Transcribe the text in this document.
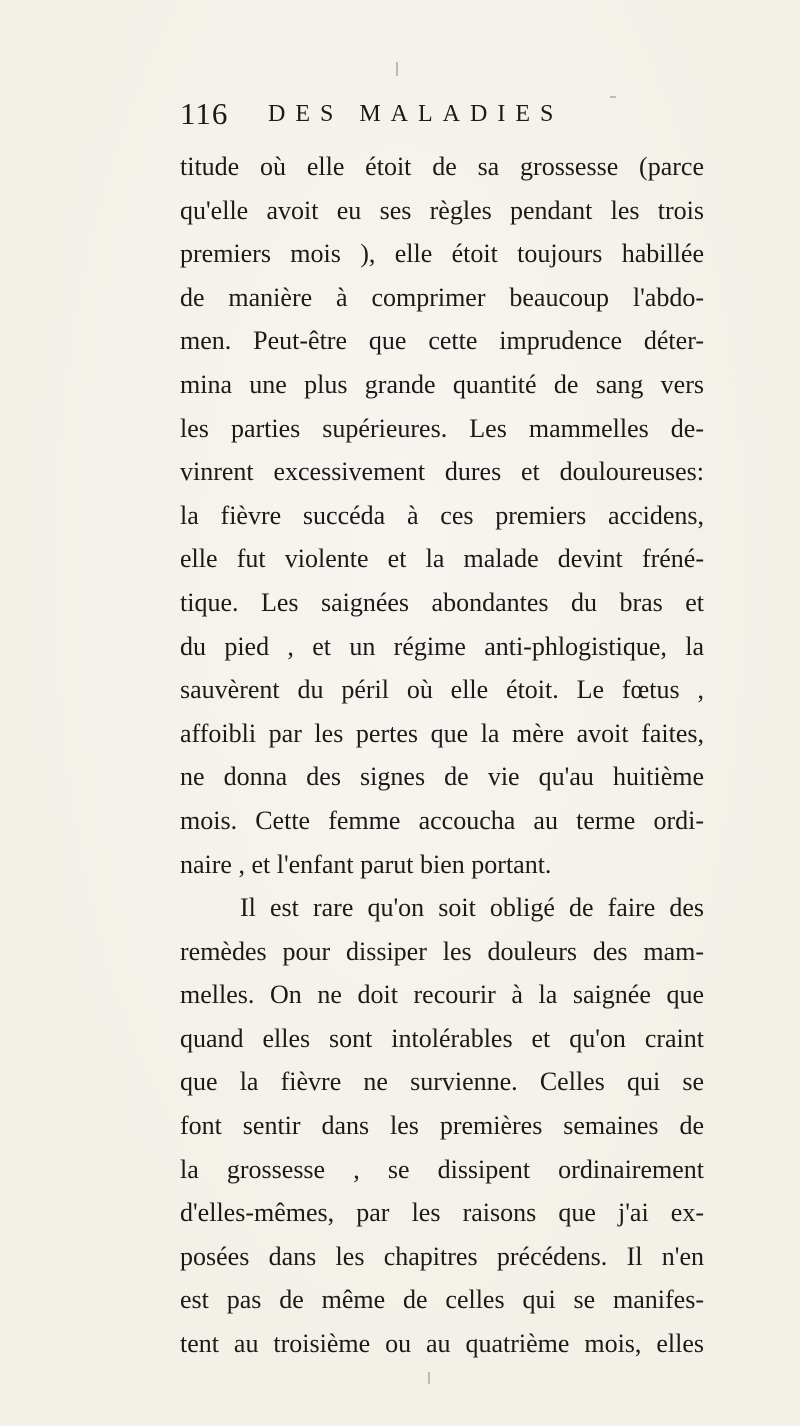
116 DES MALADIES
titude où elle étoit de sa grossesse (parce
qu'elle avoit eu ses règles pendant les trois
premiers mois ), elle étoit toujours habillée
de manière à comprimer beaucoup l'abdo-
men. Peut-être que cette imprudence déter-
mina une plus grande quantité de sang vers
les parties supérieures. Les mammelles de-
vinrent excessivement dures et douloureuses:
la fièvre succéda à ces premiers accidens,
elle fut violente et la malade devint fréné-
tique. Les saignées abondantes du bras et
du pied , et un régime anti-phlogistique, la
sauvèrent du péril où elle étoit. Le fœtus ,
affoibli par les pertes que la mère avoit faites,
ne donna des signes de vie qu'au huitième
mois. Cette femme accoucha au terme ordi-
naire , et l'enfant parut bien portant.
Il est rare qu'on soit obligé de faire des
remèdes pour dissiper les douleurs des mam-
melles. On ne doit recourir à la saignée que
quand elles sont intolérables et qu'on craint
que la fièvre ne survienne. Celles qui se
font sentir dans les premières semaines de
la grossesse , se dissipent ordinairement
d'elles-mêmes, par les raisons que j'ai ex-
posées dans les chapitres précédens. Il n'en
est pas de même de celles qui se manifes-
tent au troisième ou au quatrième mois, elles
